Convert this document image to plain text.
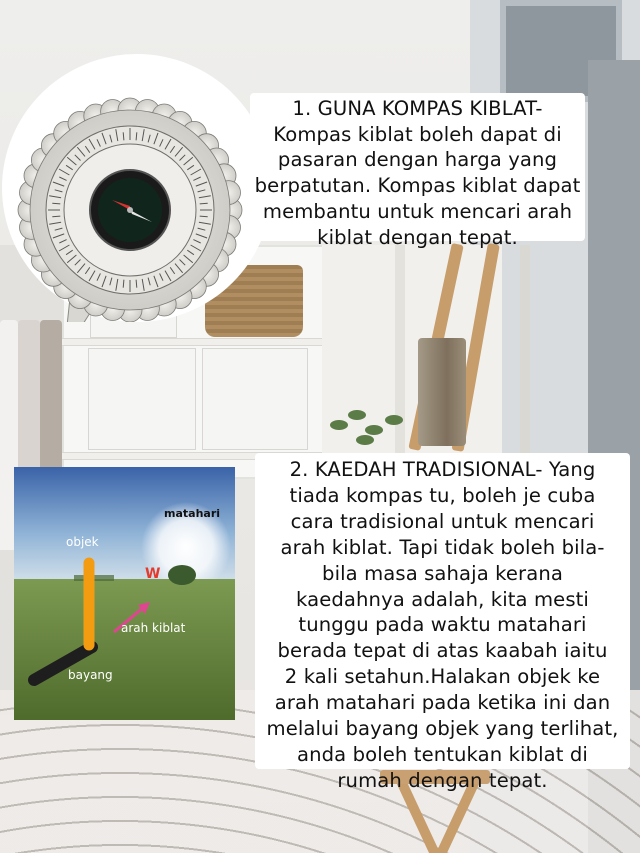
1. GUNA KOMPAS KIBLAT-
Kompas kiblat boleh dapat di
pasaran dengan harga yang
berpatutan. Kompas kiblat dapat
membantu untuk mencari arah
kiblat dengan tepat.

matahari
objek
arah kiblat
bayang
W

2. KAEDAH TRADISIONAL- Yang
tiada kompas tu, boleh je cuba
cara tradisional untuk mencari
arah kiblat. Tapi tidak boleh bila-
bila masa sahaja kerana
kaedahnya adalah, kita mesti
tunggu pada waktu matahari
berada tepat di atas kaabah iaitu
2 kali setahun.Halakan objek ke
arah matahari pada ketika ini dan
melalui bayang objek yang terlihat,
anda boleh tentukan kiblat di
rumah dengan tepat.
